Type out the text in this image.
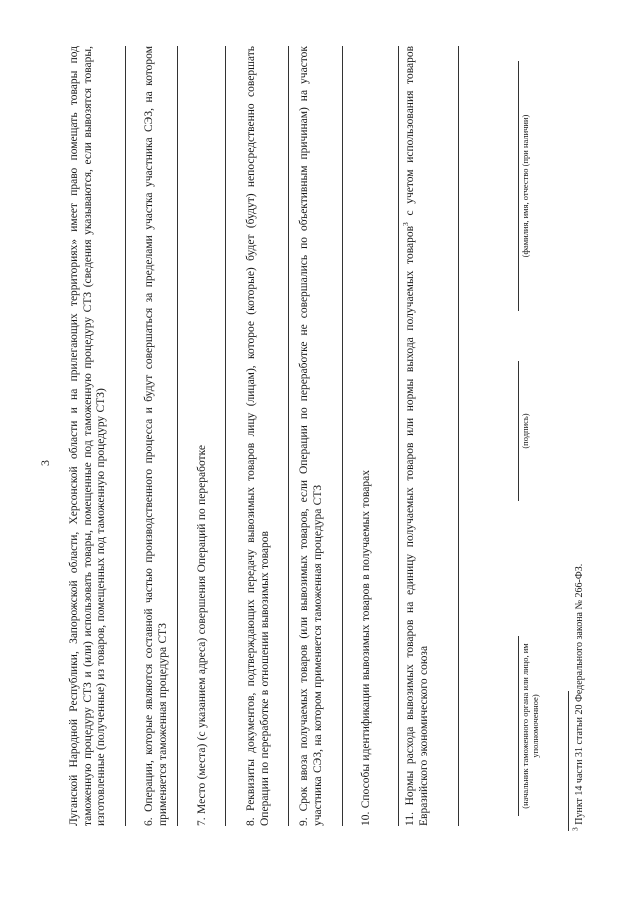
3 Луганской Народной Республики, Запорожской области, Херсонской области и на прилегающих территориях» имеет право помещать товары под таможенную процедуру СТЗ и (или) использовать товары, помещенные под таможенную процедуру СТЗ (сведения указываются, если вывозятся товары, изготовленные (полученные) из товаров, помещенных под таможенную процедуру СТЗ)	6. Операции, которые являются составной частью производственного процесса и будут совершаться за пределами участка участника СЭЗ, на котором применяется таможенная процедура СТЗ 7. Место (места) (с указанием адреса) совершения Операций по переработке	8. Реквизиты документов, подтверждающих передачу вывозимых товаров лицу (лицам), которое (которые) будет (будут) непосредственно совершать Операции по переработке в отношении вывозимых товаров 9. Срок ввоза получаемых товаров (или вывозимых товаров, если Операции по переработке не совершались по объективным причинам) на участок участника СЭЗ, на котором применяется таможенная процедура СТЗ	10. Способы идентификации вывозимых товаров в получаемых товарах	11. Нормы расхода вывозимых товаров на единицу получаемых товаров или нормы выхода получаемых товаров$^3$ с учетом использования товаров Евразийского экономического союза	(начальник таможенного органа или лицо, им уполномоченное)
(подпись)
(фамилия, имя, отчество (при наличии)
$^3$ Пункт 14 части 31 статьи 20 Федерального закона № 266-ФЗ.
